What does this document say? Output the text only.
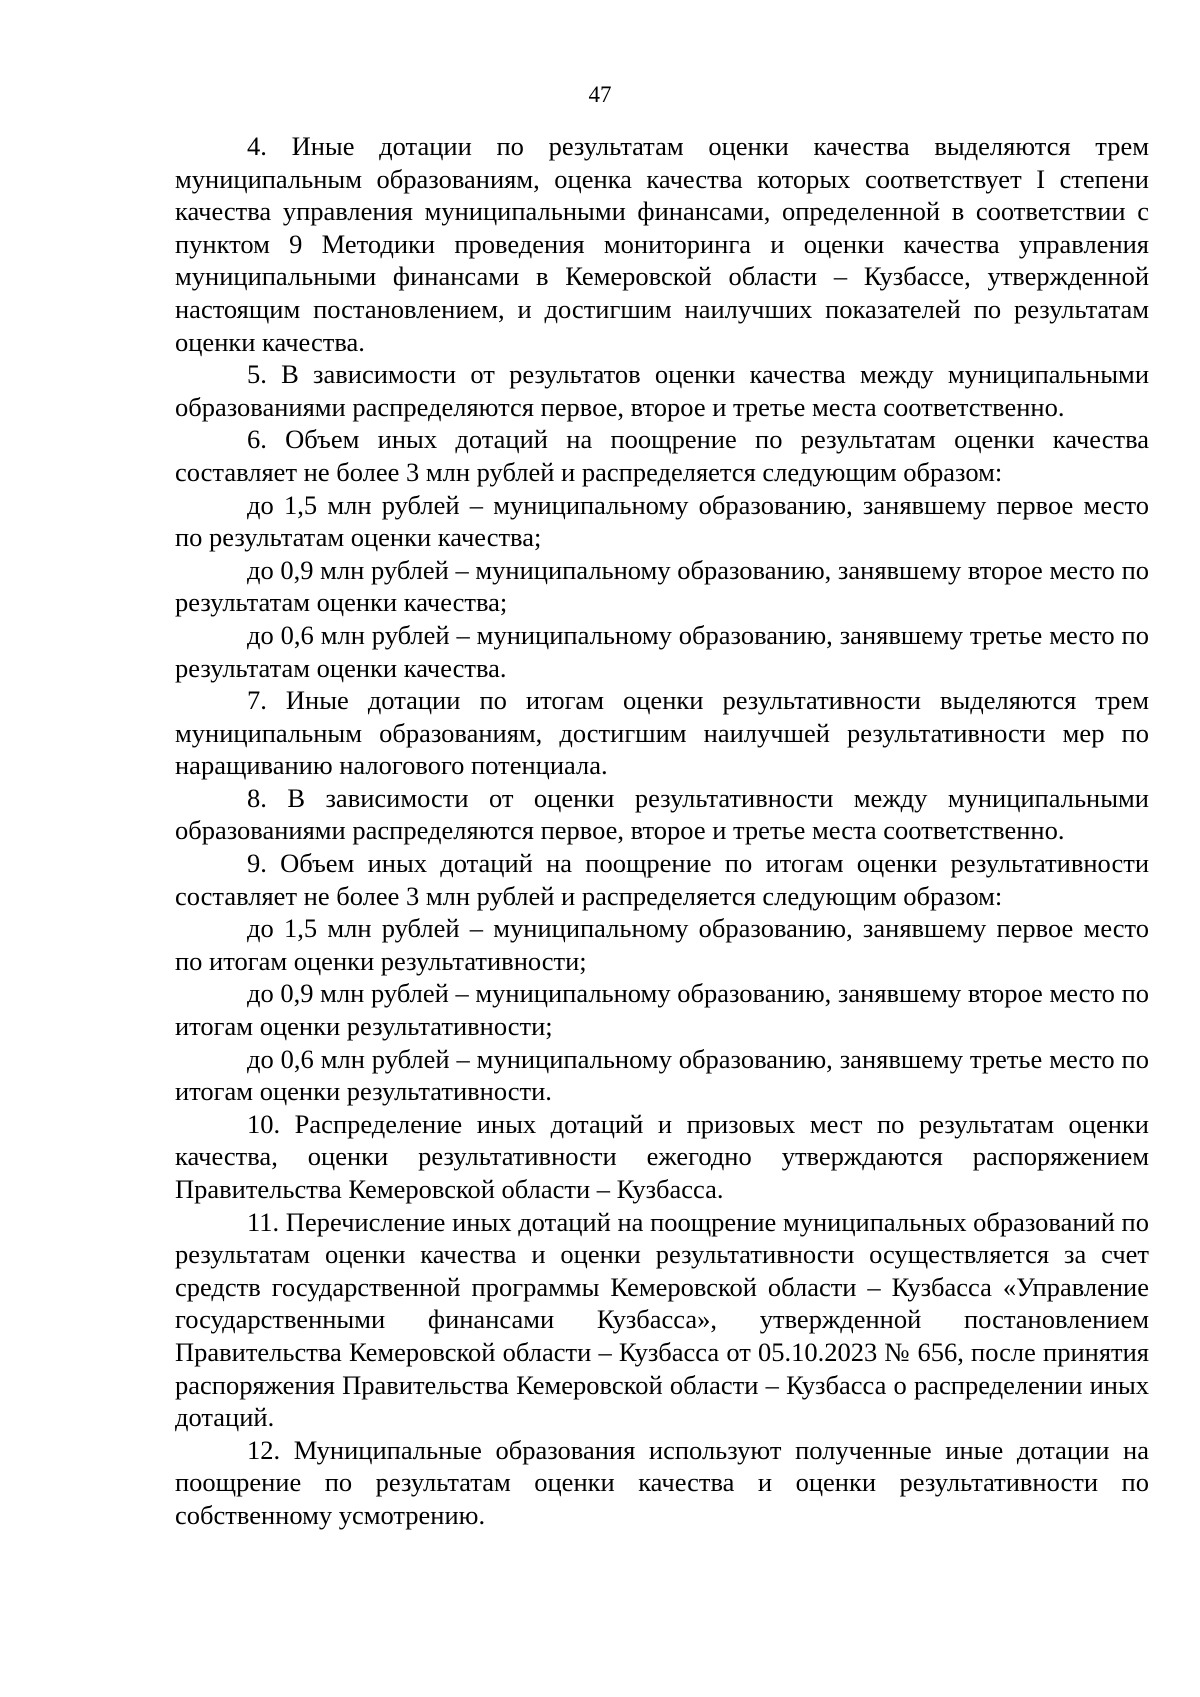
47

4. Иные дотации по результатам оценки качества выделяются трем муниципальным образованиям, оценка качества которых соответствует I степени качества управления муниципальными финансами, определенной в соответствии с пунктом 9 Методики проведения мониторинга и оценки качества управления муниципальными финансами в Кемеровской области – Кузбассе, утвержденной настоящим постановлением, и достигшим наилучших показателей по результатам оценки качества.

5. В зависимости от результатов оценки качества между муниципальными образованиями распределяются первое, второе и третье места соответственно.

6. Объем иных дотаций на поощрение по результатам оценки качества составляет не более 3 млн рублей и распределяется следующим образом:

до 1,5 млн рублей – муниципальному образованию, занявшему первое место по результатам оценки качества;

до 0,9 млн рублей – муниципальному образованию, занявшему второе место по результатам оценки качества;

до 0,6 млн рублей – муниципальному образованию, занявшему третье место по результатам оценки качества.

7. Иные дотации по итогам оценки результативности выделяются трем муниципальным образованиям, достигшим наилучшей результативности мер по наращиванию налогового потенциала.

8. В зависимости от оценки результативности между муниципальными образованиями распределяются первое, второе и третье места соответственно.

9. Объем иных дотаций на поощрение по итогам оценки результативности составляет не более 3 млн рублей и распределяется следующим образом:

до 1,5 млн рублей – муниципальному образованию, занявшему первое место по итогам оценки результативности;

до 0,9 млн рублей – муниципальному образованию, занявшему второе место по итогам оценки результативности;

до 0,6 млн рублей – муниципальному образованию, занявшему третье место по итогам оценки результативности.

10. Распределение иных дотаций и призовых мест по результатам оценки качества, оценки результативности ежегодно утверждаются распоряжением Правительства Кемеровской области – Кузбасса.

11. Перечисление иных дотаций на поощрение муниципальных образований по результатам оценки качества и оценки результативности осуществляется за счет средств государственной программы Кемеровской области – Кузбасса «Управление государственными финансами Кузбасса», утвержденной постановлением Правительства Кемеровской области – Кузбасса от 05.10.2023 № 656, после принятия распоряжения Правительства Кемеровской области – Кузбасса о распределении иных дотаций.

12. Муниципальные образования используют полученные иные дотации на поощрение по результатам оценки качества и оценки результативности по собственному усмотрению.
